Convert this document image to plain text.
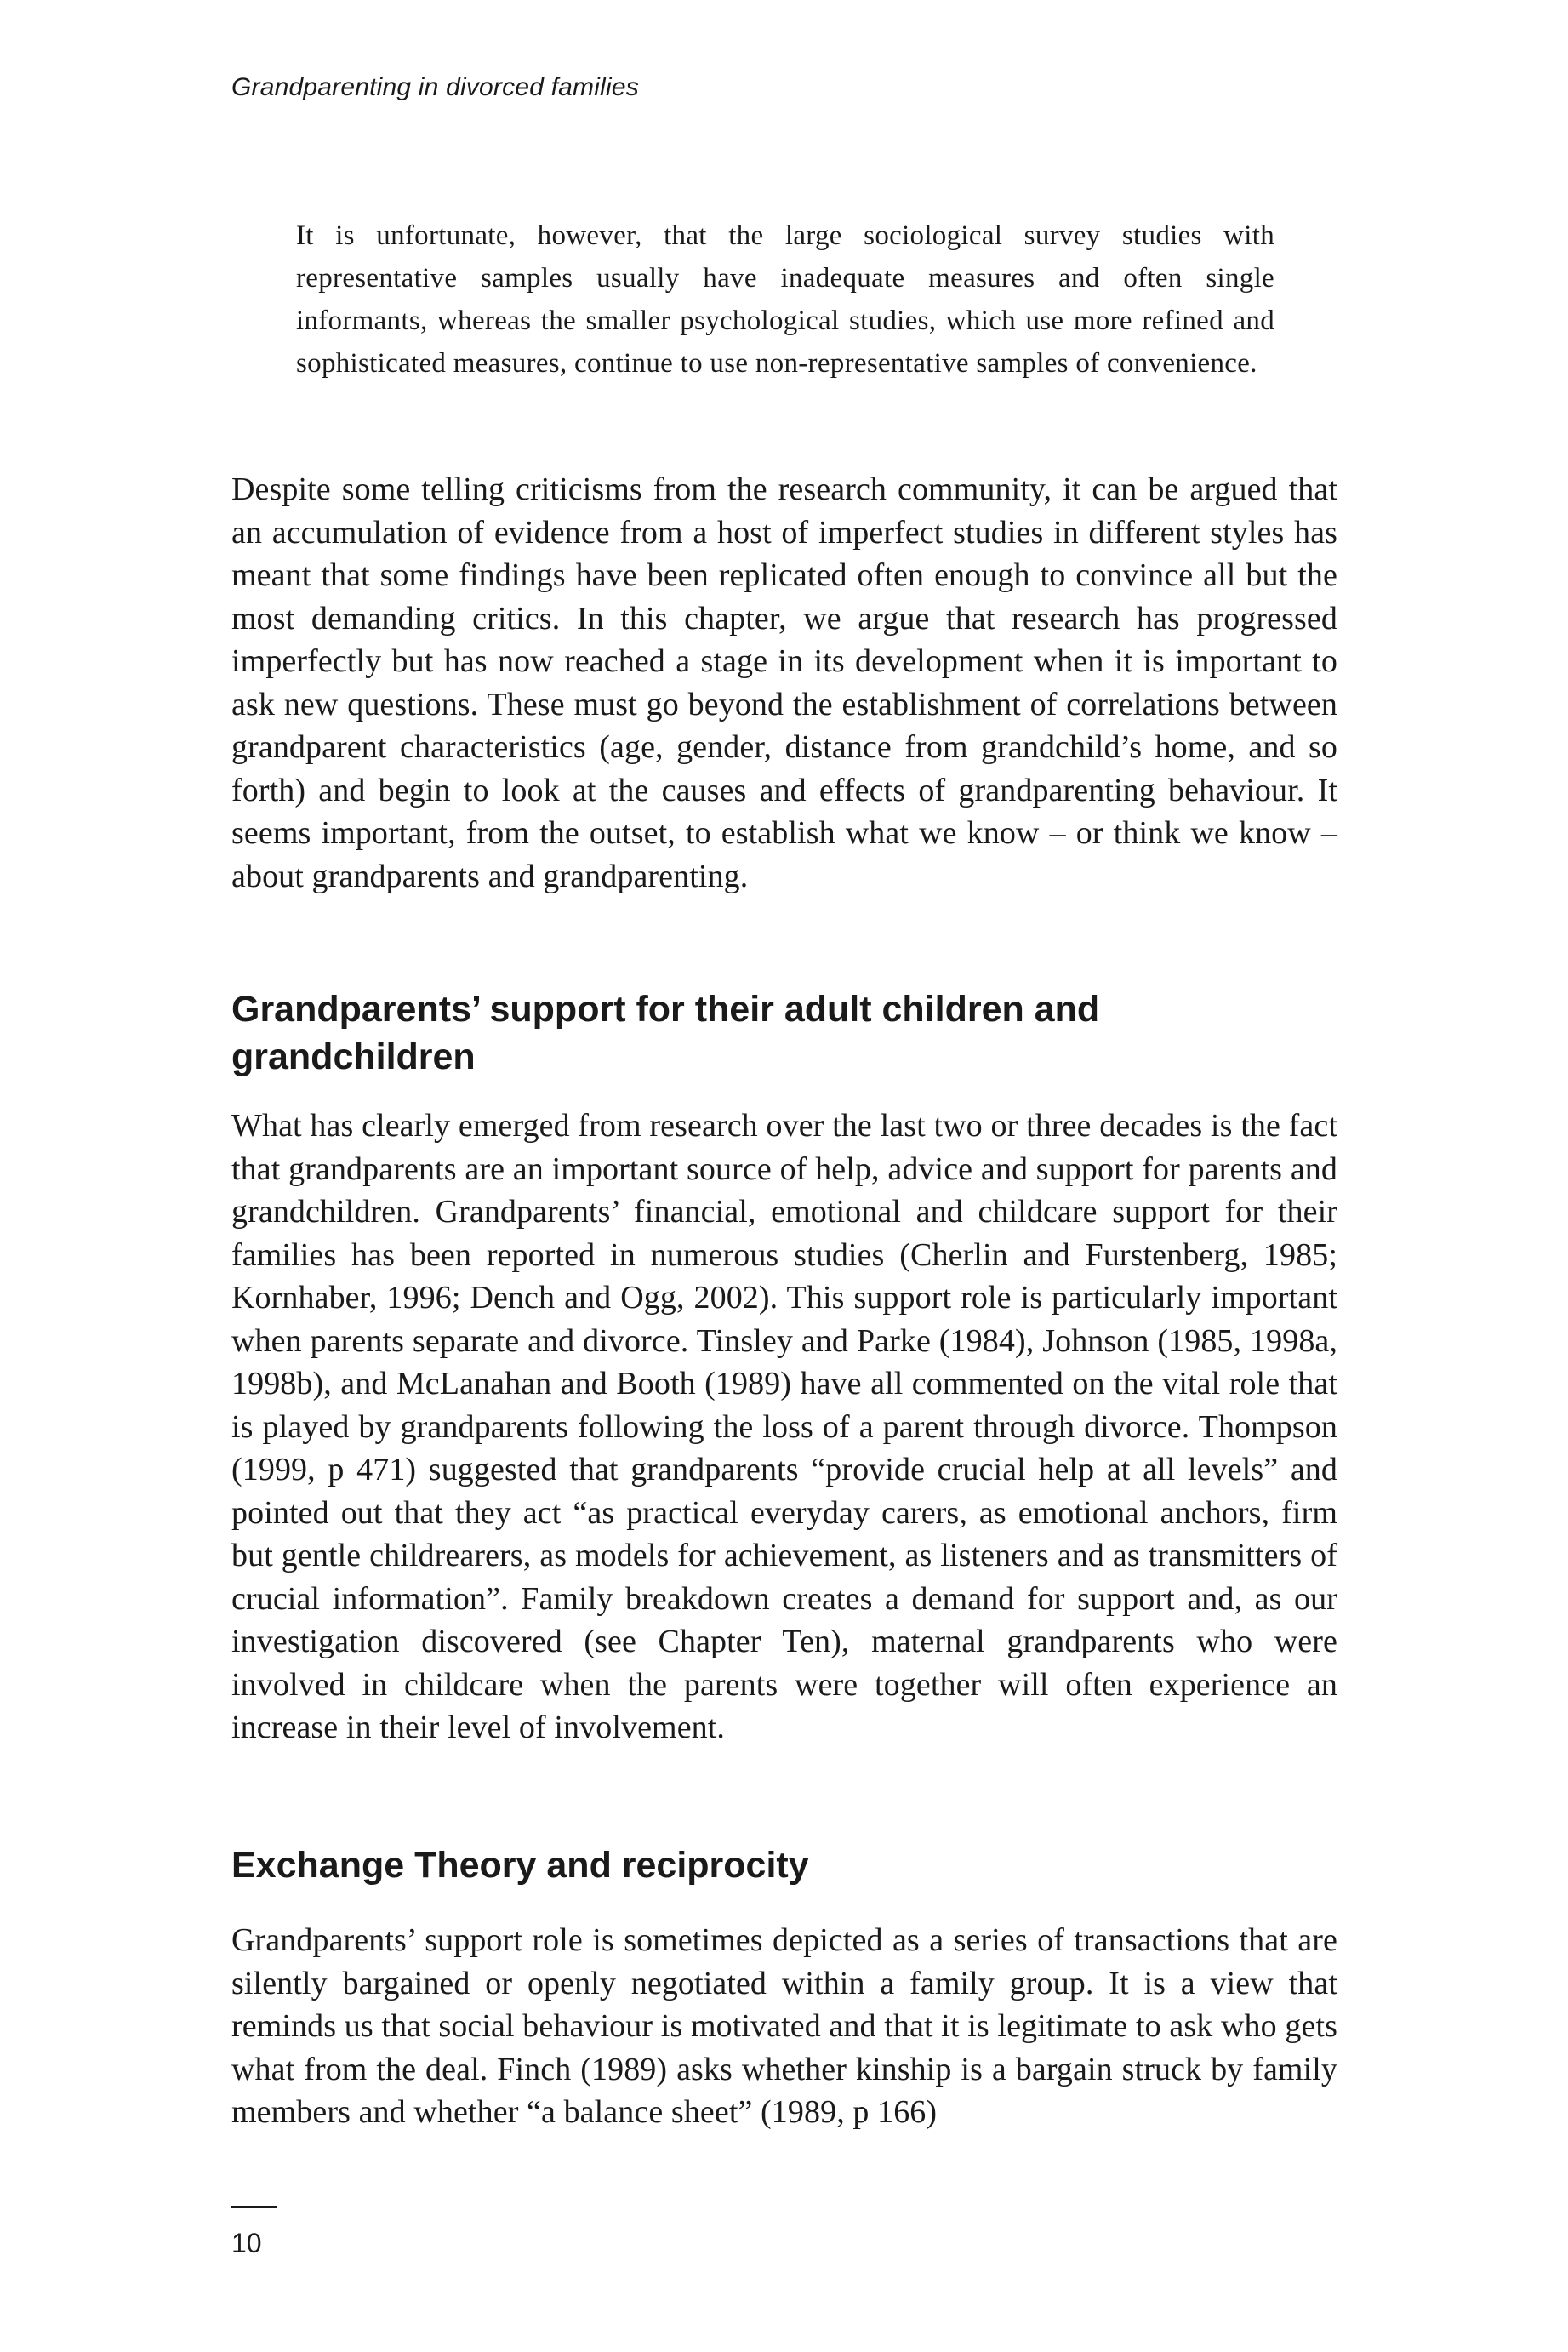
Grandparenting in divorced families

It is unfortunate, however, that the large sociological survey studies with representative samples usually have inadequate measures and often single informants, whereas the smaller psychological studies, which use more refined and sophisticated measures, continue to use non-representative samples of convenience.

Despite some telling criticisms from the research community, it can be argued that an accumulation of evidence from a host of imperfect studies in different styles has meant that some findings have been replicated often enough to convince all but the most demanding critics. In this chapter, we argue that research has progressed imperfectly but has now reached a stage in its development when it is important to ask new questions. These must go beyond the establishment of correlations between grandparent characteristics (age, gender, distance from grandchild’s home, and so forth) and begin to look at the causes and effects of grandparenting behaviour. It seems important, from the outset, to establish what we know – or think we know – about grandparents and grandparenting.

Grandparents’ support for their adult children and grandchildren

What has clearly emerged from research over the last two or three decades is the fact that grandparents are an important source of help, advice and support for parents and grandchildren. Grandparents’ financial, emotional and childcare support for their families has been reported in numerous studies (Cherlin and Furstenberg, 1985; Kornhaber, 1996; Dench and Ogg, 2002). This support role is particularly important when parents separate and divorce. Tinsley and Parke (1984), Johnson (1985, 1998a, 1998b), and McLanahan and Booth (1989) have all commented on the vital role that is played by grandparents following the loss of a parent through divorce. Thompson (1999, p 471) suggested that grandparents “provide crucial help at all levels” and pointed out that they act “as practical everyday carers, as emotional anchors, firm but gentle childrearers, as models for achievement, as listeners and as transmitters of crucial information”. Family breakdown creates a demand for support and, as our investigation discovered (see Chapter Ten), maternal grandparents who were involved in childcare when the parents were together will often experience an increase in their level of involvement.

Exchange Theory and reciprocity

Grandparents’ support role is sometimes depicted as a series of transactions that are silently bargained or openly negotiated within a family group. It is a view that reminds us that social behaviour is motivated and that it is legitimate to ask who gets what from the deal. Finch (1989) asks whether kinship is a bargain struck by family members and whether “a balance sheet” (1989, p 166)

10
